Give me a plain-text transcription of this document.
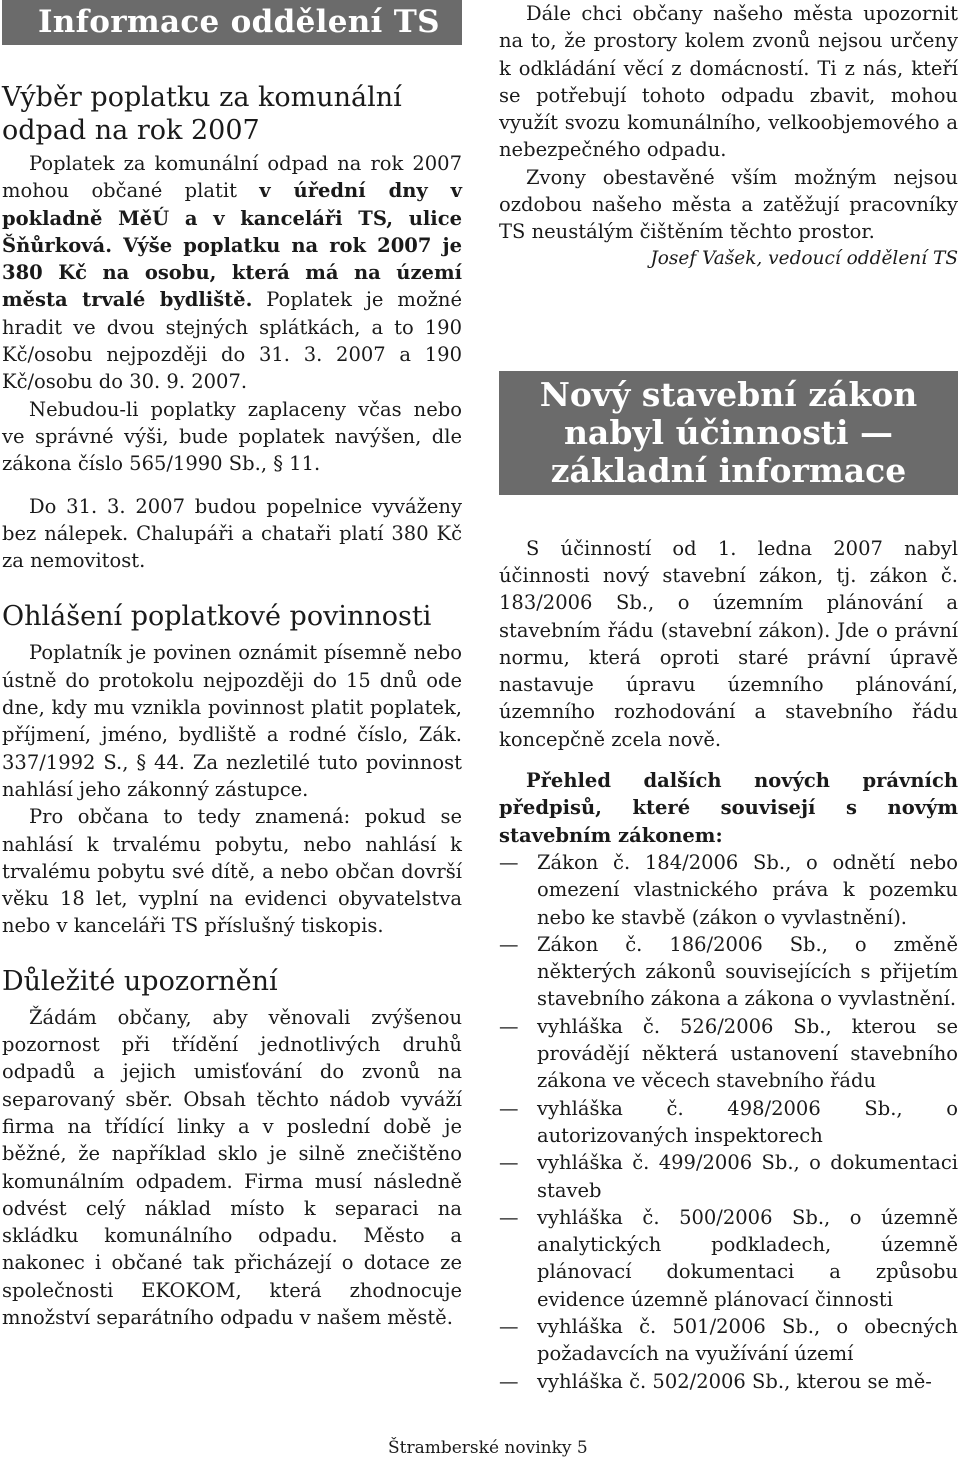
Informace oddělení TS
Výběr poplatku za komunální odpad na rok 2007

Poplatek za komunální odpad na rok 2007 mohou občané platit v úřední dny v pokladně MěÚ a v kanceláři TS, ulice Šňůrková. Výše poplatku na rok 2007 je 380 Kč na osobu, která má na území města trvalé bydliště. Poplatek je možné hradit ve dvou stejných splátkách, a to 190 Kč/osobu nejpozději do 31. 3. 2007 a 190 Kč/osobu do 30. 9. 2007.

Nebudou-li poplatky zaplaceny včas nebo ve správné výši, bude poplatek navýšen, dle zákona číslo 565/1990 Sb., § 11.

Do 31. 3. 2007 budou popelnice vyváženy bez nálepek. Chalupáři a chataři platí 380 Kč za nemovitost.

Ohlášení poplatkové povinnosti

Poplatník je povinen oznámit písemně nebo ústně do protokolu nejpozději do 15 dnů ode dne, kdy mu vznikla povinnost platit poplatek, příjmení, jméno, bydliště a rodné číslo, Zák. 337/1992 S., § 44. Za nezletilé tuto povinnost nahlásí jeho zákonný zástupce.

Pro občana to tedy znamená: pokud se nahlásí k trvalému pobytu, nebo nahlásí k trvalému pobytu své dítě, a nebo občan dovrší věku 18 let, vyplní na evidenci obyvatelstva nebo v kanceláři TS příslušný tiskopis.

Důležité upozornění

Žádám občany, aby věnovali zvýšenou pozornost při třídění jednotlivých druhů odpadů a jejich umisťování do zvonů na separovaný sběr. Obsah těchto nádob vyváží firma na třídící linky a v poslední době je běžné, že například sklo je silně znečištěno komunálním odpadem. Firma musí následně odvést celý náklad místo k separaci na skládku komunálního odpadu. Město a nakonec i občané tak přicházejí o dotace ze společnosti EKOKOM, která zhodnocuje množství separátního odpadu v našem městě.

Dále chci občany našeho města upozornit na to, že prostory kolem zvonů nejsou určeny k odkládání věcí z domácností. Ti z nás, kteří se potřebují tohoto odpadu zbavit, mohou využít svozu komunálního, velkoobjemového a nebezpečného odpadu.

Zvony obestavěné vším možným nejsou ozdobou našeho města a zatěžují pracovníky TS neustálým čištěním těchto prostor.

Josef Vašek, vedoucí oddělení TS
Nový stavební zákon
nabyl účinnosti —
základní informace

S účinností od 1. ledna 2007 nabyl účinnosti nový stavební zákon, tj. zákon č. 183/2006 Sb., o územním plánování a stavebním řádu (stavební zákon). Jde o právní normu, která oproti staré právní úpravě nastavuje úpravu územního plánování, územního rozhodování a stavebního řádu koncepčně zcela nově.

Přehled dalších nových právních předpisů, které souvisejí s novým stavebním zákonem:

— Zákon č. 184/2006 Sb., o odnětí nebo omezení vlastnického práva k pozemku nebo ke stavbě (zákon o vyvlastnění).
— Zákon č. 186/2006 Sb., o změně některých zákonů souvisejících s přijetím stavebního zákona a zákona o vyvlastnění.
— vyhláška č. 526/2006 Sb., kterou se provádějí některá ustanovení stavebního zákona ve věcech stavebního řádu
— vyhláška č. 498/2006 Sb., o autorizovaných inspektorech
— vyhláška č. 499/2006 Sb., o dokumentaci staveb
— vyhláška č. 500/2006 Sb., o územně analytických podkladech, územně plánovací dokumentaci a způsobu evidence územně plánovací činnosti
— vyhláška č. 501/2006 Sb., o obecných požadavcích na využívání území
— vyhláška č. 502/2006 Sb., kterou se mě-
Štramberské novinky 5
